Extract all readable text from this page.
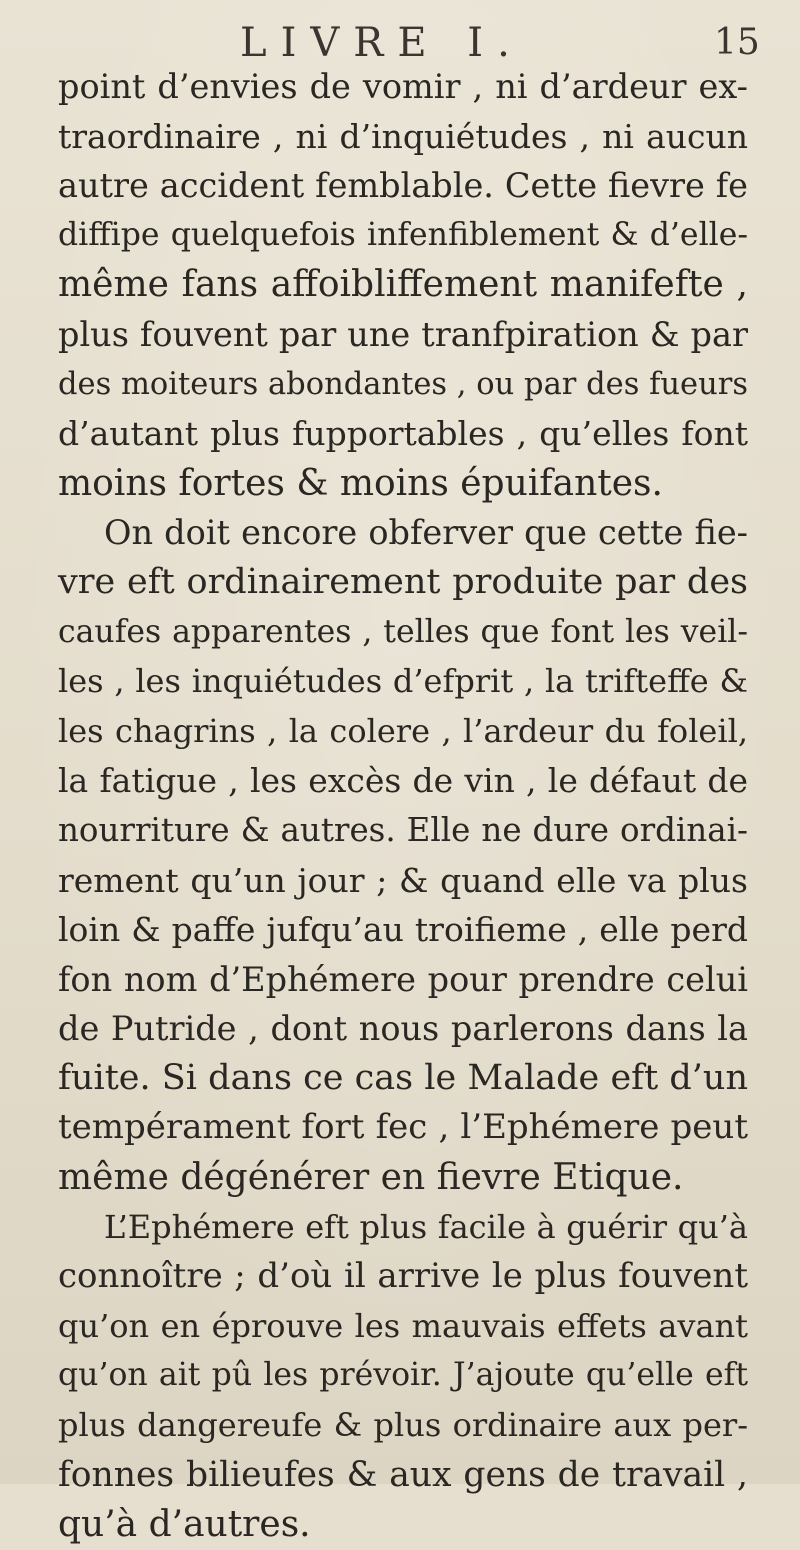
LIVRE I.	15
point d’envies de vomir , ni d’ardeur ex-
traordinaire , ni d’inquiétudes , ni aucun
autre accident femblable. Cette fievre fe
diffipe quelquefois infenfiblement & d’elle-
même fans affoibliffement manifefte ,
plus fouvent par une tranfpiration & par
des moiteurs abondantes , ou par des fueurs
d’autant plus fupportables , qu’elles font
moins fortes & moins épuifantes.
On doit encore obferver que cette fie-
vre eft ordinairement produite par des
caufes apparentes , telles que font les veil-
les , les inquiétudes d’efprit , la trifteffe &
les chagrins , la colere , l’ardeur du foleil,
la fatigue , les excès de vin , le défaut de
nourriture & autres. Elle ne dure ordinai-
rement qu’un jour ; & quand elle va plus
loin & paffe jufqu’au troifieme , elle perd
fon nom d’Ephémere pour prendre celui
de Putride , dont nous parlerons dans la
fuite. Si dans ce cas le Malade eft d’un
tempérament fort fec , l’Ephémere peut
même dégénérer en fievre Etique.
L’Ephémere eft plus facile à guérir qu’à
connoître ; d’où il arrive le plus fouvent
qu’on en éprouve les mauvais effets avant
qu’on ait pû les prévoir. J’ajoute qu’elle eft
plus dangereufe & plus ordinaire aux per-
fonnes bilieufes & aux gens de travail ,
qu’à d’autres.
